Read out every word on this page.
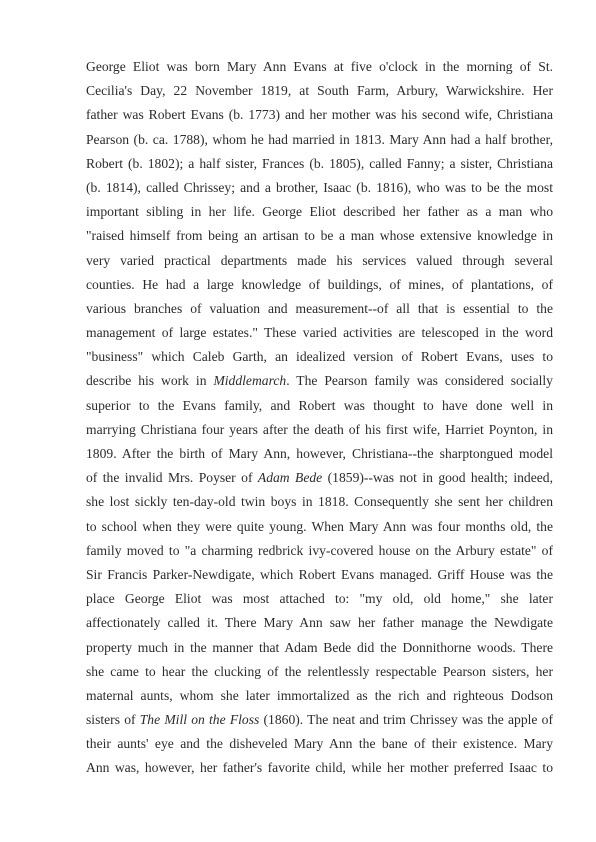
George Eliot was born Mary Ann Evans at five o'clock in the morning of St.
Cecilia's Day, 22 November 1819, at South Farm, Arbury, Warwickshire. Her
father was Robert Evans (b. 1773) and her mother was his second wife, Christiana
Pearson (b. ca. 1788), whom he had married in 1813. Mary Ann had a half brother,
Robert (b. 1802); a half sister, Frances (b. 1805), called Fanny; a sister, Christiana
(b. 1814), called Chrissey; and a brother, Isaac (b. 1816), who was to be the most
important sibling in her life. George Eliot described her father as a man who
"raised himself from being an artisan to be a man whose extensive knowledge in
very varied practical departments made his services valued through several
counties. He had a large knowledge of buildings, of mines, of plantations, of
various branches of valuation and measurement--of all that is essential to the
management of large estates." These varied activities are telescoped in the word
"business" which Caleb Garth, an idealized version of Robert Evans, uses to
describe his work in Middlemarch. The Pearson family was considered socially
superior to the Evans family, and Robert was thought to have done well in
marrying Christiana four years after the death of his first wife, Harriet Poynton, in
1809. After the birth of Mary Ann, however, Christiana--the sharptongued model
of the invalid Mrs. Poyser of Adam Bede (1859)--was not in good health; indeed,
she lost sickly ten-day-old twin boys in 1818. Consequently she sent her children
to school when they were quite young. When Mary Ann was four months old, the
family moved to "a charming redbrick ivy-covered house on the Arbury estate" of
Sir Francis Parker-Newdigate, which Robert Evans managed. Griff House was the
place George Eliot was most attached to: "my old, old home," she later
affectionately called it. There Mary Ann saw her father manage the Newdigate
property much in the manner that Adam Bede did the Donnithorne woods. There
she came to hear the clucking of the relentlessly respectable Pearson sisters, her
maternal aunts, whom she later immortalized as the rich and righteous Dodson
sisters of The Mill on the Floss (1860). The neat and trim Chrissey was the apple of
their aunts' eye and the disheveled Mary Ann the bane of their existence. Mary
Ann was, however, her father's favorite child, while her mother preferred Isaac to
